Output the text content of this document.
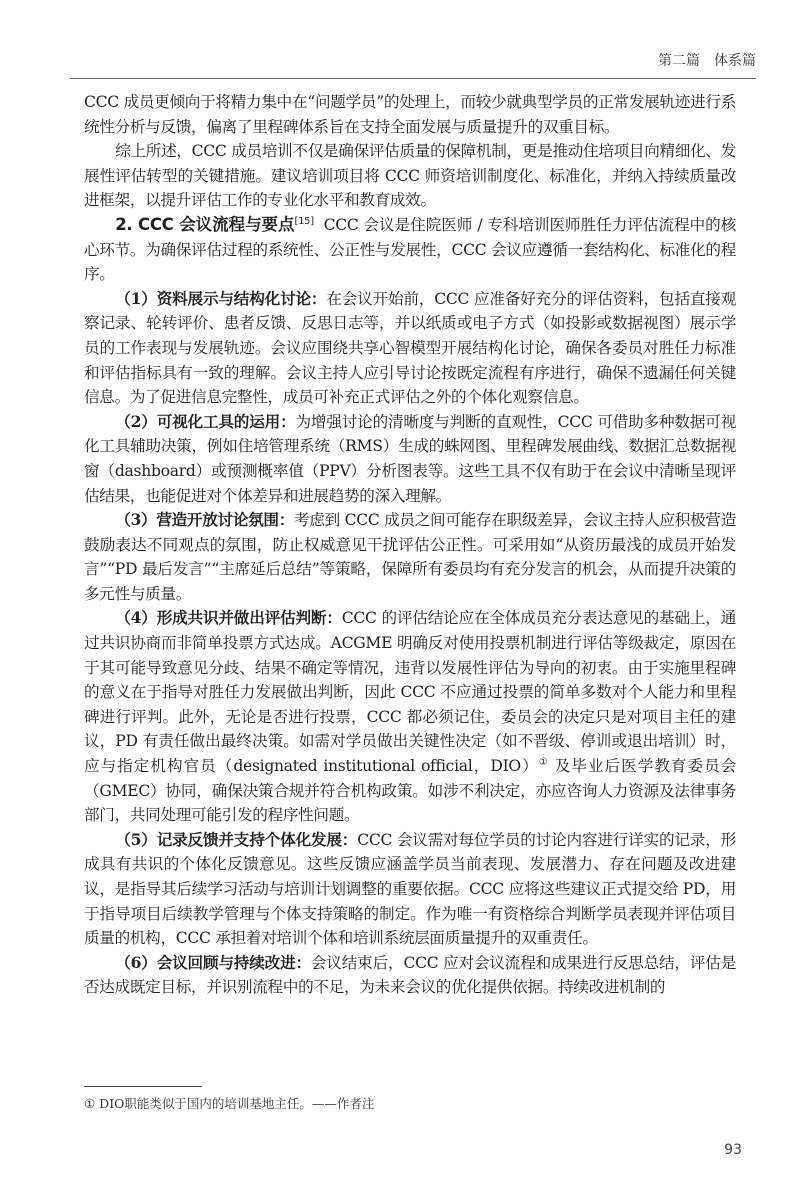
第二篇 体系篇

CCC 成员更倾向于将精力集中在“问题学员”的处理上，而较少就典型学员的正常发展轨迹进行系统性分析与反馈，偏离了里程碑体系旨在支持全面发展与质量提升的双重目标。

综上所述，CCC 成员培训不仅是确保评估质量的保障机制，更是推动住培项目向精细化、发展性评估转型的关键措施。建议培训项目将 CCC 师资培训制度化、标准化，并纳入持续质量改进框架，以提升评估工作的专业化水平和教育成效。

2. CCC 会议流程与要点[15] CCC 会议是住院医师 / 专科培训医师胜任力评估流程中的核心环节。为确保评估过程的系统性、公正性与发展性，CCC 会议应遵循一套结构化、标准化的程序。

（1）资料展示与结构化讨论：在会议开始前，CCC 应准备好充分的评估资料，包括直接观察记录、轮转评价、患者反馈、反思日志等，并以纸质或电子方式（如投影或数据视图）展示学员的工作表现与发展轨迹。会议应围绕共享心智模型开展结构化讨论，确保各委员对胜任力标准和评估指标具有一致的理解。会议主持人应引导讨论按既定流程有序进行，确保不遗漏任何关键信息。为了促进信息完整性，成员可补充正式评估之外的个体化观察信息。

（2）可视化工具的运用：为增强讨论的清晰度与判断的直观性，CCC 可借助多种数据可视化工具辅助决策，例如住培管理系统（RMS）生成的蛛网图、里程碑发展曲线、数据汇总数据视窗（dashboard）或预测概率值（PPV）分析图表等。这些工具不仅有助于在会议中清晰呈现评估结果，也能促进对个体差异和进展趋势的深入理解。

（3）营造开放讨论氛围：考虑到 CCC 成员之间可能存在职级差异，会议主持人应积极营造鼓励表达不同观点的氛围，防止权威意见干扰评估公正性。可采用如“从资历最浅的成员开始发言”“PD 最后发言”“主席延后总结”等策略，保障所有委员均有充分发言的机会，从而提升决策的多元性与质量。

（4）形成共识并做出评估判断：CCC 的评估结论应在全体成员充分表达意见的基础上，通过共识协商而非简单投票方式达成。ACGME 明确反对使用投票机制进行评估等级裁定，原因在于其可能导致意见分歧、结果不确定等情况，违背以发展性评估为导向的初衷。由于实施里程碑的意义在于指导对胜任力发展做出判断，因此 CCC 不应通过投票的简单多数对个人能力和里程碑进行评判。此外，无论是否进行投票，CCC 都必须记住，委员会的决定只是对项目主任的建议，PD 有责任做出最终决策。如需对学员做出关键性决定（如不晋级、停训或退出培训）时，应与指定机构官员（designated institutional official，DIO）① 及毕业后医学教育委员会（GMEC）协同，确保决策合规并符合机构政策。如涉不利决定，亦应咨询人力资源及法律事务部门，共同处理可能引发的程序性问题。

（5）记录反馈并支持个体化发展：CCC 会议需对每位学员的讨论内容进行详实的记录，形成具有共识的个体化反馈意见。这些反馈应涵盖学员当前表现、发展潜力、存在问题及改进建议，是指导其后续学习活动与培训计划调整的重要依据。CCC 应将这些建议正式提交给 PD，用于指导项目后续教学管理与个体支持策略的制定。作为唯一有资格综合判断学员表现并评估项目质量的机构，CCC 承担着对培训个体和培训系统层面质量提升的双重责任。

（6）会议回顾与持续改进：会议结束后，CCC 应对会议流程和成果进行反思总结，评估是否达成既定目标，并识别流程中的不足，为未来会议的优化提供依据。持续改进机制的

① DIO职能类似于国内的培训基地主任。——作者注
93
